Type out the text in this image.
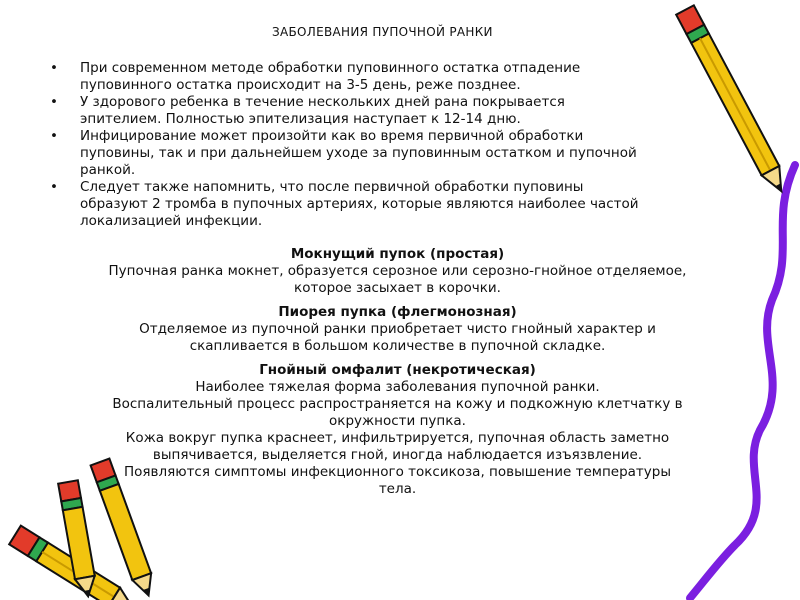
ЗАБОЛЕВАНИЯ ПУПОЧНОЙ РАНКИ
• При современном методе обработки пуповинного остатка отпадение
пуповинного остатка происходит на 3-5 день, реже позднее.
• У здорового ребенка в течение нескольких дней рана покрывается
эпителием. Полностью эпителизация наступает к 12-14 дню.
• Инфицирование может произойти как во время первичной обработки
пуповины, так и при дальнейшем уходе за пуповинным остатком и пупочной
ранкой.
• Следует также напомнить, что после первичной обработки пуповины
образуют 2 тромба в пупочных артериях, которые являются наиболее частой
локализацией инфекции.
Мокнущий пупок (простая)
Пупочная ранка мокнет, образуется серозное или серозно-гнойное отделяемое,
которое засыхает в корочки.
Пиорея пупка (флегмонозная)
Отделяемое из пупочной ранки приобретает чисто гнойный характер и
скапливается в большом количестве в пупочной складке.
Гнойный омфалит (некротическая)
Наиболее тяжелая форма заболевания пупочной ранки.
Воспалительный процесс распространяется на кожу и подкожную клетчатку в
окружности пупка.
Кожа вокруг пупка краснеет, инфильтрируется, пупочная область заметно
выпячивается, выделяется гной, иногда наблюдается изъязвление.
Появляются симптомы инфекционного токсикоза, повышение температуры
тела.
